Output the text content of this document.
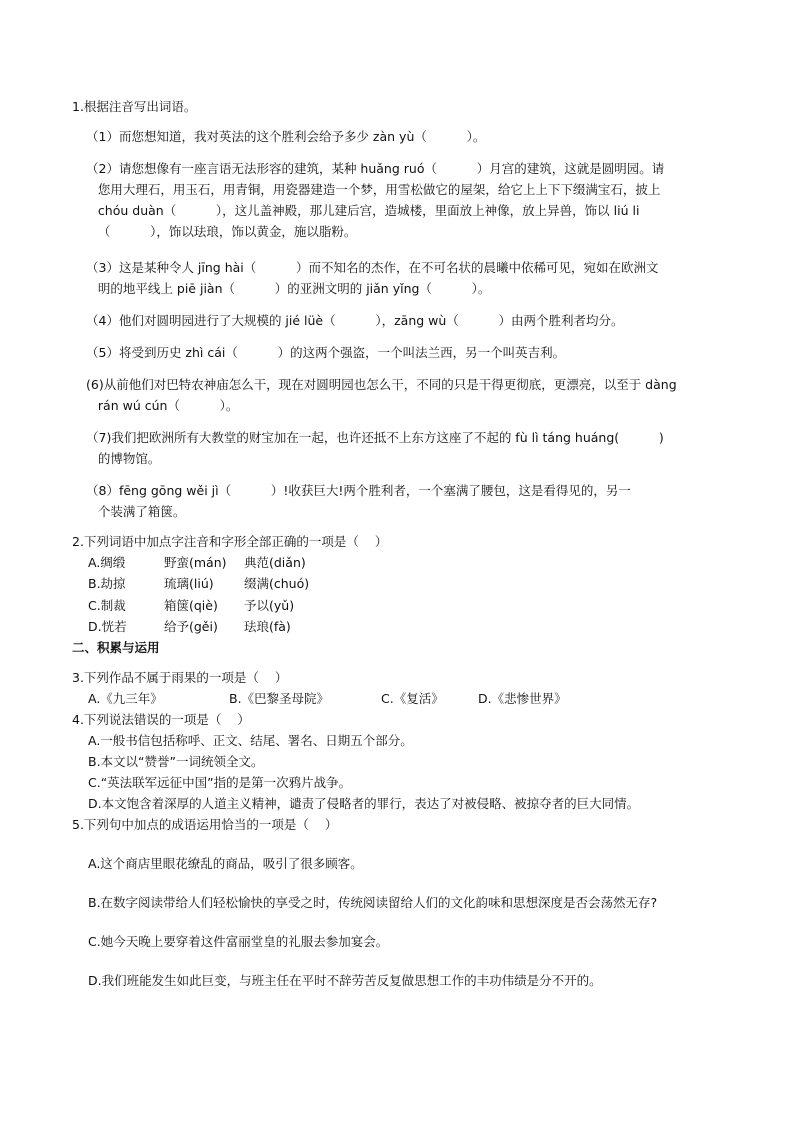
1.根据注音写出词语。
（1）而您想知道，我对英法的这个胜利会给予多少 zàn yù（          ）。
（2）请您想像有一座言语无法形容的建筑，某种 huǎng ruó（          ）月宫的建筑，这就是圆明园。请
您用大理石，用玉石，用青铜，用瓷器建造一个梦，用雪松做它的屋架，给它上上下下缀满宝石，披上
chóu duàn（          ），这儿盖神殿，那儿建后宫，造城楼，里面放上神像，放上异兽，饰以 liú li
（          ），饰以珐琅，饰以黄金，施以脂粉。
（3）这是某种令人 jīng hài（          ）而不知名的杰作，在不可名状的晨曦中依稀可见，宛如在欧洲文
明的地平线上 piē jiàn（          ）的亚洲文明的 jiǎn yǐng（          ）。
（4）他们对圆明园进行了大规模的 jié lüè（          ），zāng wù（          ）由两个胜利者均分。
（5）将受到历史 zhì cái（          ）的这两个强盗，一个叫法兰西，另一个叫英吉利。
(6)从前他们对巴特农神庙怎么干，现在对圆明园也怎么干，不同的只是干得更彻底，更漂亮，以至于 dàng
rán wú cún（          ）。
（7)我们把欧洲所有大教堂的财宝加在一起，也许还抵不上东方这座了不起的 fù lì táng huáng(          )
的博物馆。
（8）fēng gōng wěi jì（          ）!收获巨大!两个胜利者，一个塞满了腰包，这是看得见的，另一
个装满了箱箧。
2.下列词语中加点字注音和字形全部正确的一项是（    ）
A.绸缎	野蛮(mán)	典范(diǎn)
B.劫掠	琉璃(liú)	缀满(chuó)
C.制裁	箱箧(qiè)	予以(yǔ)
D.恍若	给予(gěi)	珐琅(fà)
二、积累与运用
3.下列作品不属于雨果的一项是（    ）
A.《九三年》	B.《巴黎圣母院》	C.《复活》	D.《悲惨世界》
4.下列说法错误的一项是（    ）
A.一般书信包括称呼、正文、结尾、署名、日期五个部分。
B.本文以“赞誉”一词统领全文。
C.“英法联军远征中国”指的是第一次鸦片战争。
D.本文饱含着深厚的人道主义精神，谴责了侵略者的罪行，表达了对被侵略、被掠夺者的巨大同情。
5.下列句中加点的成语运用恰当的一项是（    ）
A.这个商店里眼花缭乱的商品，吸引了很多顾客。
B.在数字阅读带给人们轻松愉快的享受之时，传统阅读留给人们的文化韵味和思想深度是否会荡然无存?
C.她今天晚上要穿着这件富丽堂皇的礼服去参加宴会。
D.我们班能发生如此巨变，与班主任在平时不辞劳苦反复做思想工作的丰功伟绩是分不开的。
